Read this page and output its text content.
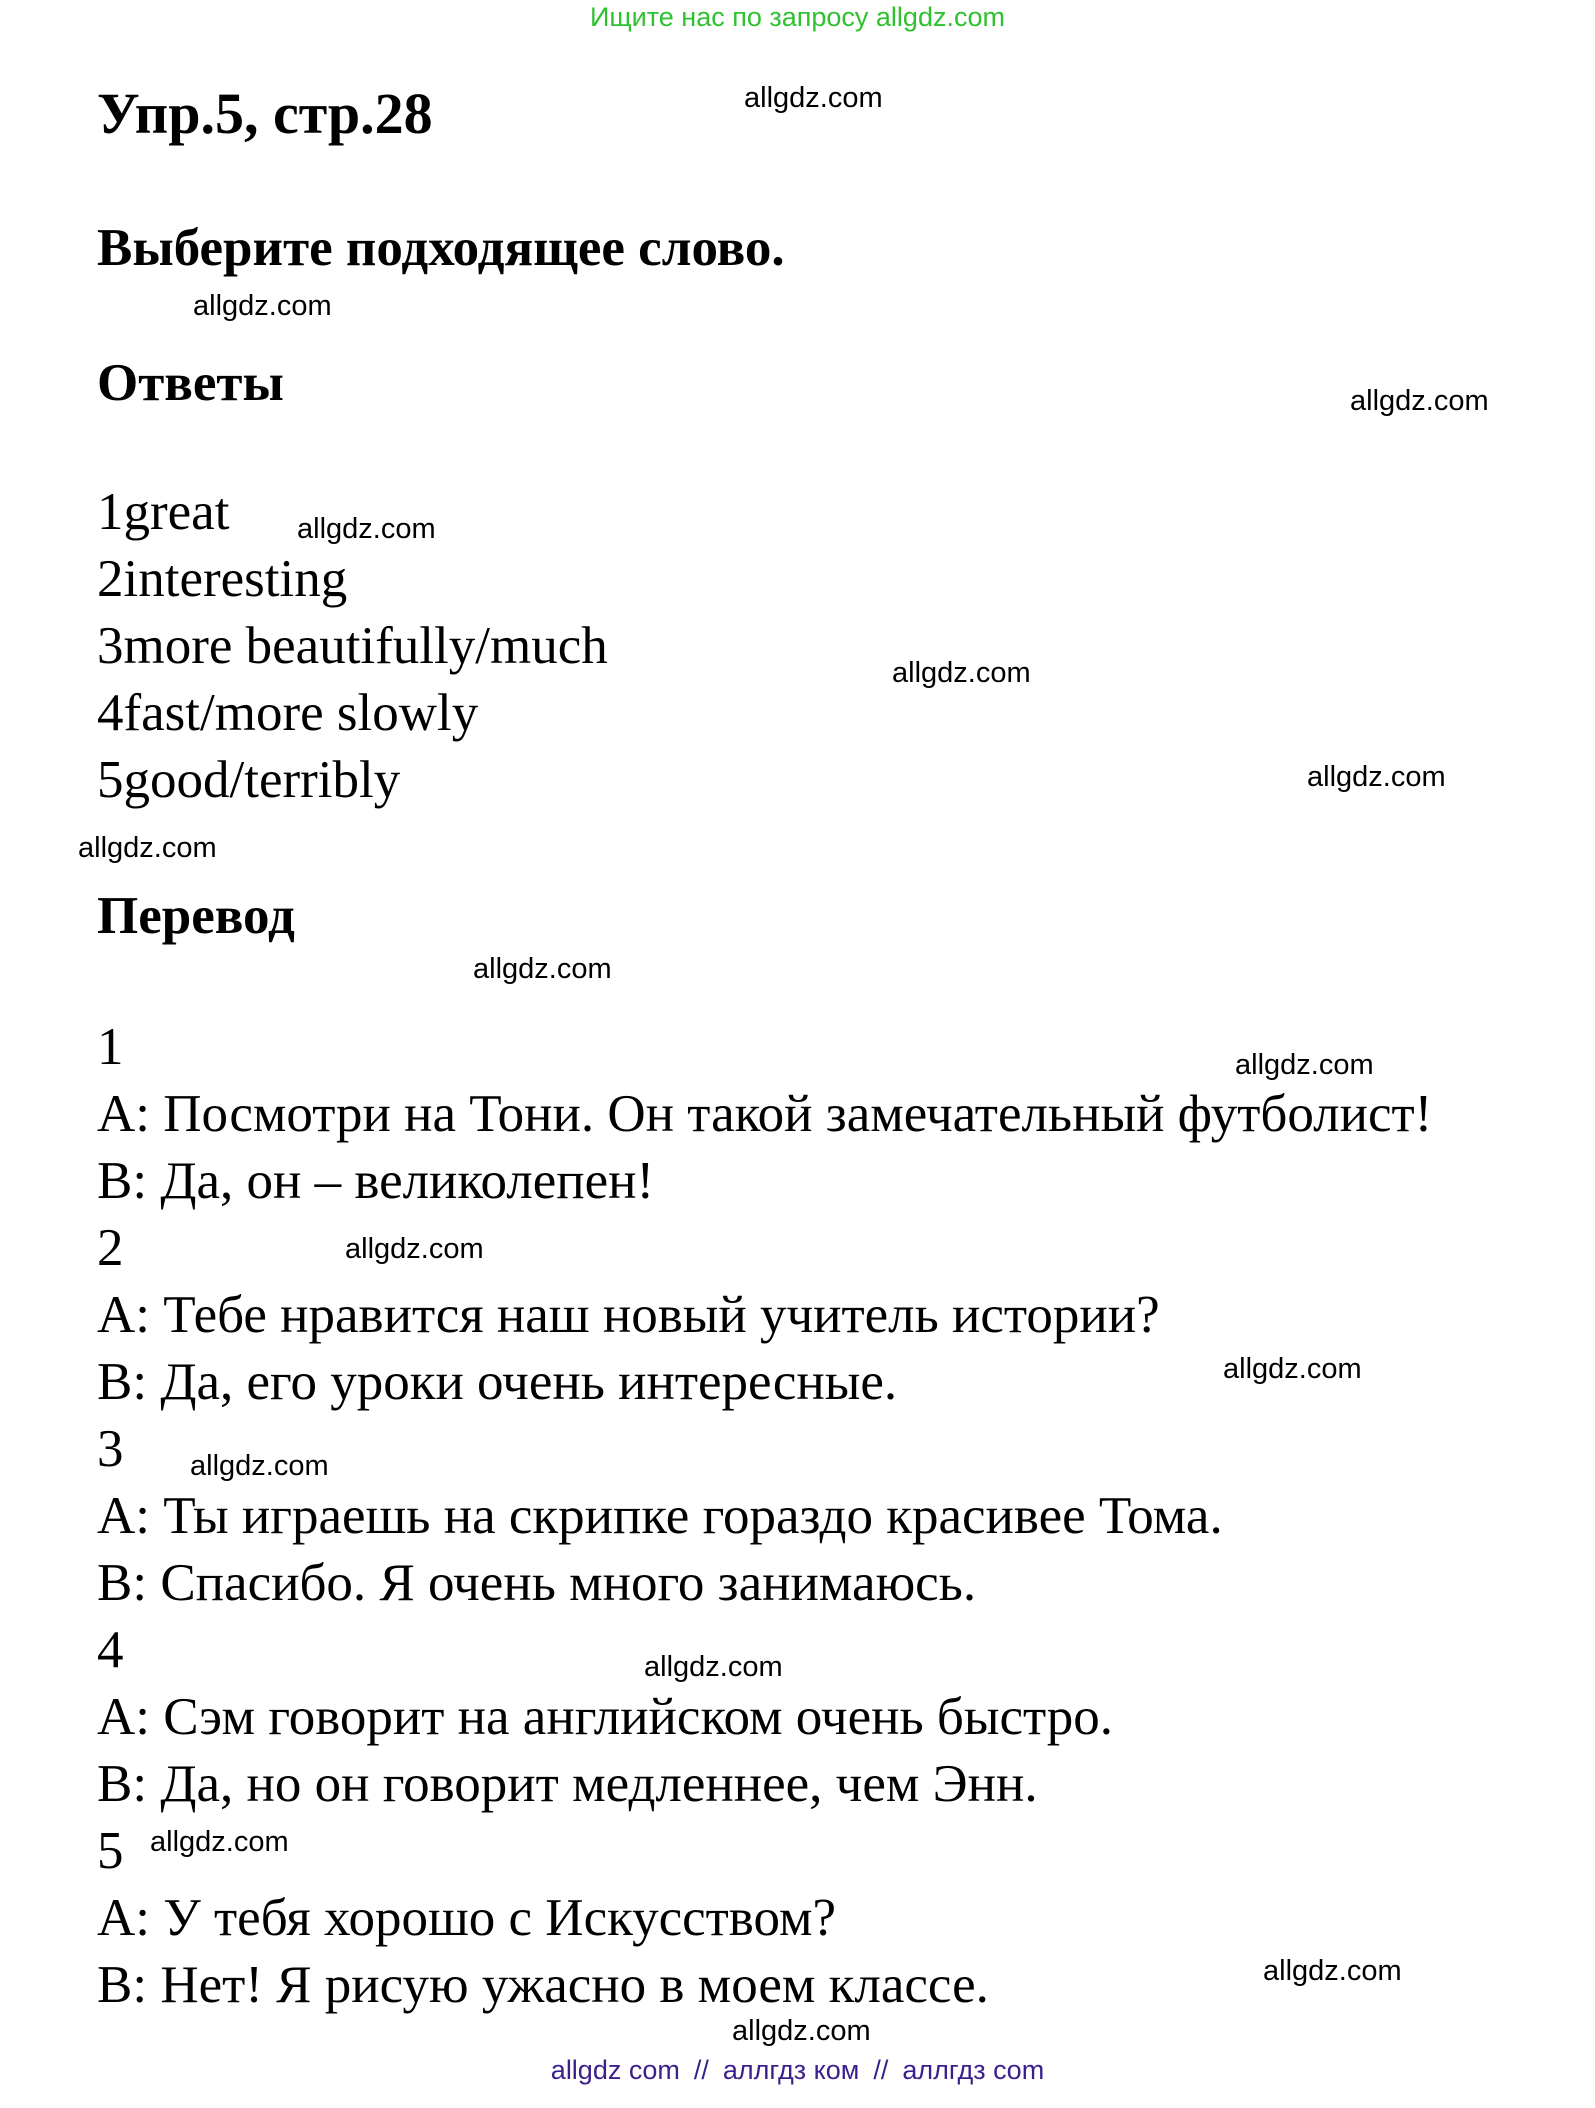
Ищите нас по запросу allgdz.com
Упр.5, стр.28
Выберите подходящее слово.
Ответы
1great
2interesting
3more beautifully/much
4fast/more slowly
5good/terribly
Перевод
1
A: Посмотри на Тони. Он такой замечательный футболист!
B: Да, он – великолепен!
2
A: Тебе нравится наш новый учитель истории?
B: Да, его уроки очень интересные.
3
A: Ты играешь на скрипке гораздо красивее Тома.
B: Спасибо. Я очень много занимаюсь.
4
A: Сэм говорит на английском очень быстро.
B: Да, но он говорит медленнее, чем Энн.
5
A: У тебя хорошо с Искусством?
B: Нет! Я рисую ужасно в моем классе.
allgdz.com
allgdz.com
allgdz.com
allgdz.com
allgdz.com
allgdz.com
allgdz.com
allgdz.com
allgdz.com
allgdz.com
allgdz.com
allgdz.com
allgdz.com
allgdz.com
allgdz.com
allgdz.com
allgdz com // аллгдз ком // аллгдз com
